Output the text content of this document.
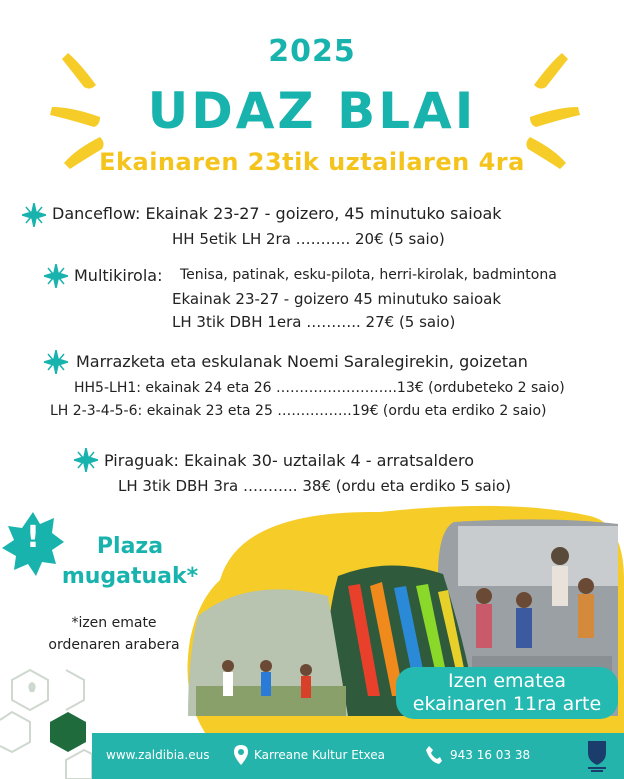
2025
UDAZ BLAI
Ekainaren 23tik uztailaren 4ra
Danceflow: Ekainak 23-27 - goizero, 45 minutuko saioak
HH 5etik LH 2ra ……….. 20€ (5 saio)
Multikirola: Tenisa, patinak, esku-pilota, herri-kirolak, badmintona
Ekainak 23-27 - goizero 45 minutuko saioak
LH 3tik DBH 1era ……….. 27€ (5 saio)
Marrazketa eta eskulanak Noemi Saralegirekin, goizetan
HH5-LH1: ekainak 24 eta 26 ……………………..13€ (ordubeteko 2 saio)
LH 2-3-4-5-6: ekainak 23 eta 25 …………….19€ (ordu eta erdiko 2 saio)
Piraguak: Ekainak 30- uztailak 4 - arratsaldero
LH 3tik DBH 3ra ……….. 38€ (ordu eta erdiko 5 saio)
!	Plaza
mugatuak*
*izen emate
ordenaren arabera
Izen ematea
ekainaren 11ra arte
www.zaldibia.eus	Karreane Kultur Etxea	943 16 03 38
